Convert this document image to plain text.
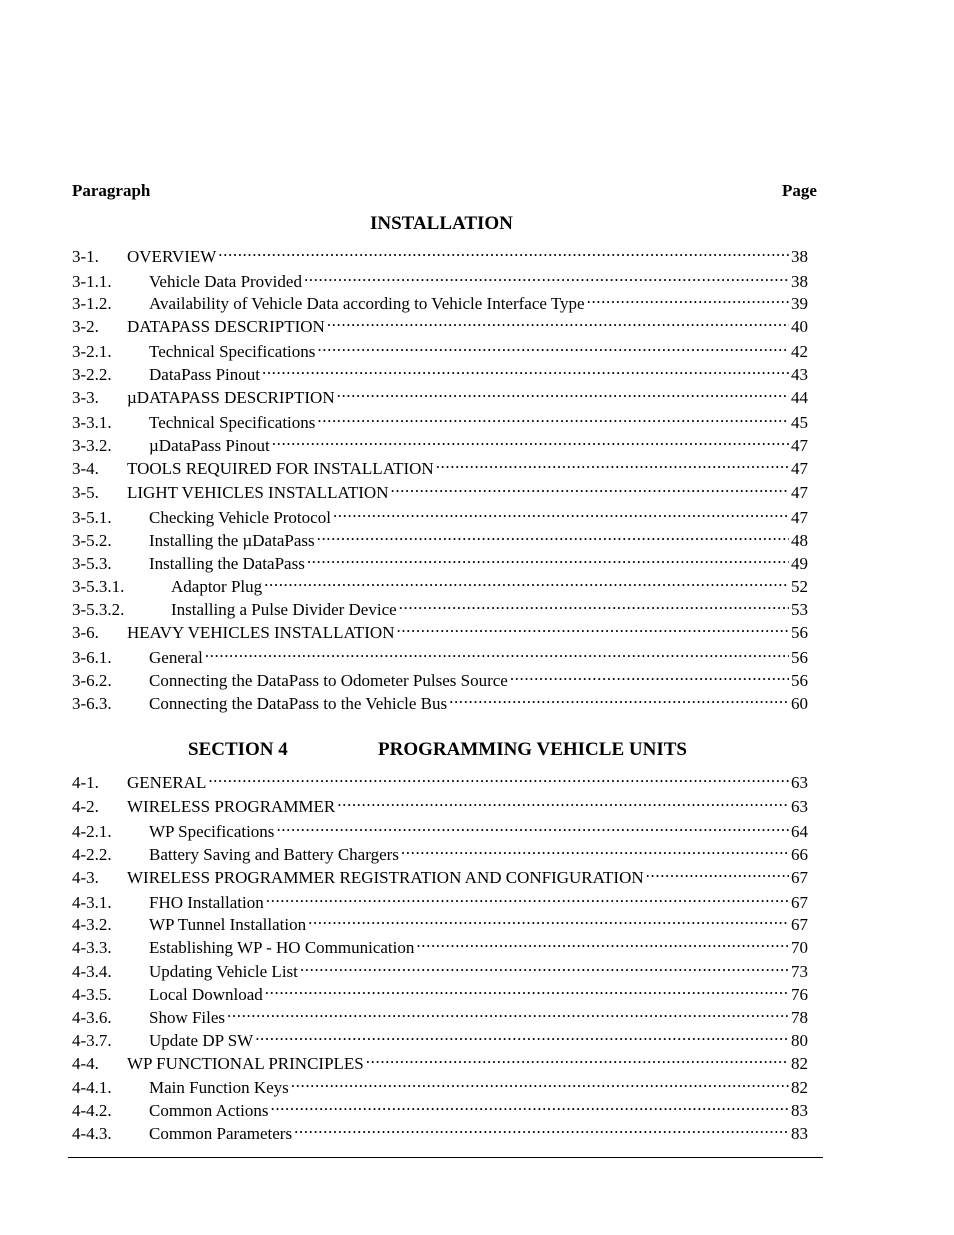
Paragraph	Page
INSTALLATION
3-1.	OVERVIEW .....	38
3-1.1.	Vehicle Data Provided .....	38
3-1.2.	Availability of Vehicle Data according to Vehicle Interface Type .....	39
3-2.	DATAPASS DESCRIPTION .....	40
3-2.1.	Technical Specifications .....	42
3-2.2.	DataPass Pinout .....	43
3-3.	µDATAPASS DESCRIPTION .....	44
3-3.1.	Technical Specifications .....	45
3-3.2.	µDataPass Pinout .....	47
3-4.	TOOLS REQUIRED FOR INSTALLATION .....	47
3-5.	LIGHT VEHICLES INSTALLATION .....	47
3-5.1.	Checking Vehicle Protocol .....	47
3-5.2.	Installing the µDataPass .....	48
3-5.3.	Installing the DataPass .....	49
3-5.3.1.	Adaptor Plug .....	52
3-5.3.2.	Installing a Pulse Divider Device .....	53
3-6.	HEAVY VEHICLES INSTALLATION .....	56
3-6.1.	General .....	56
3-6.2.	Connecting the DataPass to Odometer Pulses Source .....	56
3-6.3.	Connecting the DataPass to the Vehicle Bus .....	60
SECTION 4	PROGRAMMING VEHICLE UNITS
4-1.	GENERAL .....	63
4-2.	WIRELESS PROGRAMMER .....	63
4-2.1.	WP Specifications .....	64
4-2.2.	Battery Saving and Battery Chargers .....	66
4-3.	WIRELESS PROGRAMMER REGISTRATION AND CONFIGURATION .....	67
4-3.1.	FHO Installation .....	67
4-3.2.	WP Tunnel Installation .....	67
4-3.3.	Establishing WP - HO Communication .....	70
4-3.4.	Updating Vehicle List .....	73
4-3.5.	Local Download .....	76
4-3.6.	Show Files .....	78
4-3.7.	Update DP SW .....	80
4-4.	WP FUNCTIONAL PRINCIPLES .....	82
4-4.1.	Main Function Keys .....	82
4-4.2.	Common Actions .....	83
4-4.3.	Common Parameters .....	83
